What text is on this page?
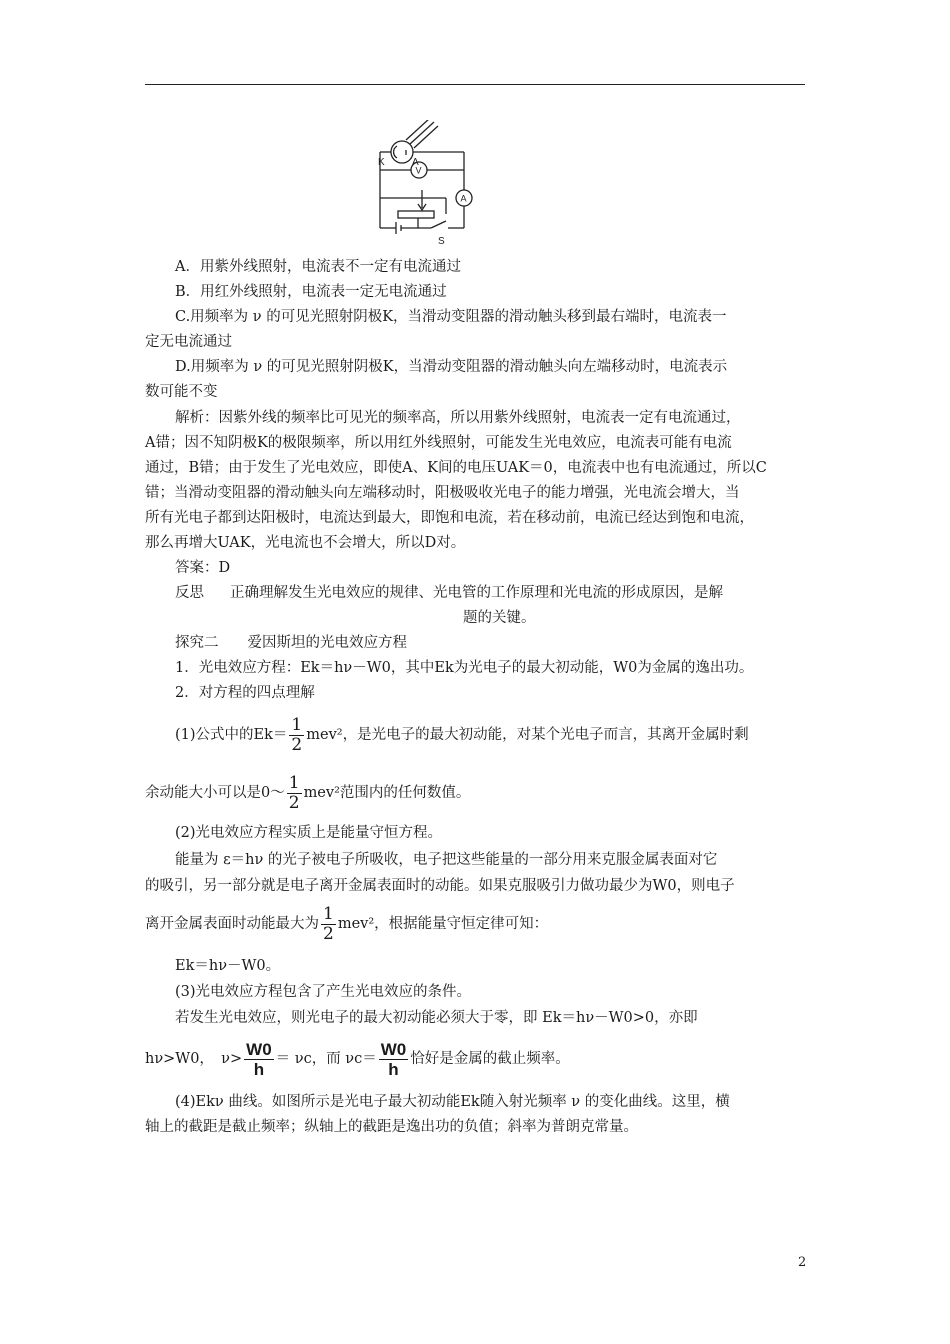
K	A
V
A
S
A．用紫外线照射，电流表不一定有电流通过
B．用红外线照射，电流表一定无电流通过
C.用频率为 ν 的可见光照射阴极K，当滑动变阻器的滑动触头移到最右端时，电流表一
定无电流通过
D.用频率为 ν 的可见光照射阴极K，当滑动变阻器的滑动触头向左端移动时，电流表示
数可能不变
解析：因紫外线的频率比可见光的频率高，所以用紫外线照射，电流表一定有电流通过，
A错；因不知阴极K的极限频率，所以用红外线照射，可能发生光电效应，电流表可能有电流
通过，B错；由于发生了光电效应，即使A、K间的电压UAK＝0，电流表中也有电流通过，所以C
错；当滑动变阻器的滑动触头向左端移动时，阳极吸收光电子的能力增强，光电流会增大，当
所有光电子都到达阳极时，电流达到最大，即饱和电流，若在移动前，电流已经达到饱和电流，
那么再增大UAK，光电流也不会增大，所以D对。
答案：D
反思 正确理解发生光电效应的规律、光电管的工作原理和光电流的形成原因，是解
题的关键。
探究二　　爱因斯坦的光电效应方程
1．光电效应方程：Ek＝hν－W0，其中Ek为光电子的最大初动能，W0为金属的逸出功。
2．对方程的四点理解
(1)公式中的$Ek= \frac{1}{2} mev^2$，是光电子的最大初动能，对某个光电子而言，其离开金属时剩
余动能大小可以是0～ $\frac{1}{2} mev^2$范围内的任何数值。
(2)光电效应方程实质上是能量守恒方程。
能量为 ε＝hν 的光子被电子所吸收，电子把这些能量的一部分用来克服金属表面对它
的吸引，另一部分就是电子离开金属表面时的动能。如果克服吸引力做功最少为W0，则电子
离开金属表面时动能最大为 $\frac{1}{2} mev^2$，根据能量守恒定律可知：
Ek＝hν－W0。
(3)光电效应方程包含了产生光电效应的条件。
若发生光电效应，则光电子的最大初动能必须大于零，即 Ek＝hν－W0>0，亦即
hν>W0，　$\nu> \frac{W0}{h} = \nu c$，而 $\nu c= \frac{W0}{h}$ 恰好是金属的截止频率。
(4)Ekν 曲线。如图所示是光电子最大初动能Ek随入射光频率 ν 的变化曲线。这里，横
轴上的截距是截止频率；纵轴上的截距是逸出功的负值；斜率为普朗克常量。
2
